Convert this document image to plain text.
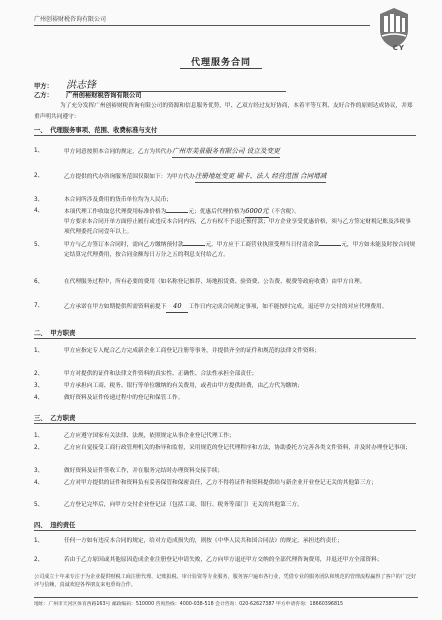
广州创裕财税咨询有限公司
CY
代理服务合同
甲方： 洪志锋
乙方： 广州创裕财税咨询有限公司
为了充分发挥广州创裕财税咨询有限公司的资源和信息服务优势，甲、乙双方经过友好协商，本着平等互利、友好合作的原则达成协议，并郑重声明共同遵守：
一、 代理服务事项、范围、收费标准与支付
1、	甲方同意按照本合同的规定，乙方为其代办广州市美景服务有限公司 设立及变更
2、	乙方提供的代办咨询服务范围仅限如下：为甲方代办注册地址变更 刷卡、法人 经营范围 合同增减
3、	本合同所涉及费用的货币单位均为人民币；
4、	本项代理工作收取总代理费用标准价格为	元；优惠后代理价格为6000元（不含税）。
甲方要求本合同开单方面停止履行或违反本合同内容，乙方有权不予退还预付款；甲方企业享受优惠价格，须与乙方签定财税记账及涉税事项代理委托合同壹年以上。
5、	甲方与乙方签订本合同时，需向乙方缴纳预付款	元，甲方应于工商营业执照受理当日付清余款	元，甲方如未能及时按合同规定结算完代理费用，按合同金额每日万分之五的利息支付给乙方。
6、	在代理服务过程中，所有必要的费用（如名称登记推荐、场地租赁费、验资费、公告费、税费等政府收费）由甲方自理。
7、	乙方承诺在甲方如期提供所需资料前提下 40 工作日内完成合同规定事项，如不能按时完成，退还甲方交付的对应代理费用。
二、 甲方职责
1、	甲方应指定专人配合乙方完成新企业工商登记注册等事务，并提供齐全的证件和规范的法律文件资料；
2、	甲方对提供的证件和法律文件资料的真实性、正确性、合法性承担全部责任；
3、	甲方承担向工商、税务、银行等单位缴纳的有关费用，或者由甲方提供经费，由乙方代为缴纳；
4、	做好资料及证件传递过程中的登记和保管工作。
三、 乙方职责
1、	乙方应遵守国家有关法律、法规，依照规定从事企业登记代理工作；
2、	乙方应自觉接受工商行政管理机关的指导和监督，采用规范的登记代理程序和方法，协助委托方完善各类文件资料，并及时办理登记事项；
3、	做好资料及证件签收工作，并在服务完结时办理资料交接手续；
4、	乙方对甲方提供的证件和资料负有妥善保管和保密责任，乙方不得将证件和资料提供给与新企业开业登记无关的其他第三方；
5、	乙方登记完毕后，向甲方交付企业登记证（包括工商、银行、税务等部门）无关的其他第三方。
四、 违约责任
1、	任何一方如有违反本合同的规定，给对方造成损失的，则按《中华人民共和国合同法》的规定，承担违约责任；
2、	若由于乙方原因或其他原因造成企业注册登记申请失败，乙方向甲方退还甲方交纳的全部代理咨询费用，并退还甲方全部资料；
公司成立十年来专注于为企业提供财税工商注册代理、记账报税、审计验资等专业服务，服务客户遍布各行业，凭借专业的服务团队和规范的管理流程赢得了客户的广泛好评与信赖，真诚欢迎各界朋友来电垂询合作。
地址：广州市天河区体育西路163号 邮政编码：510000 咨询热线：4000-038-518 会计咨询：020-62627387 甲方申请咨询：18660396815
